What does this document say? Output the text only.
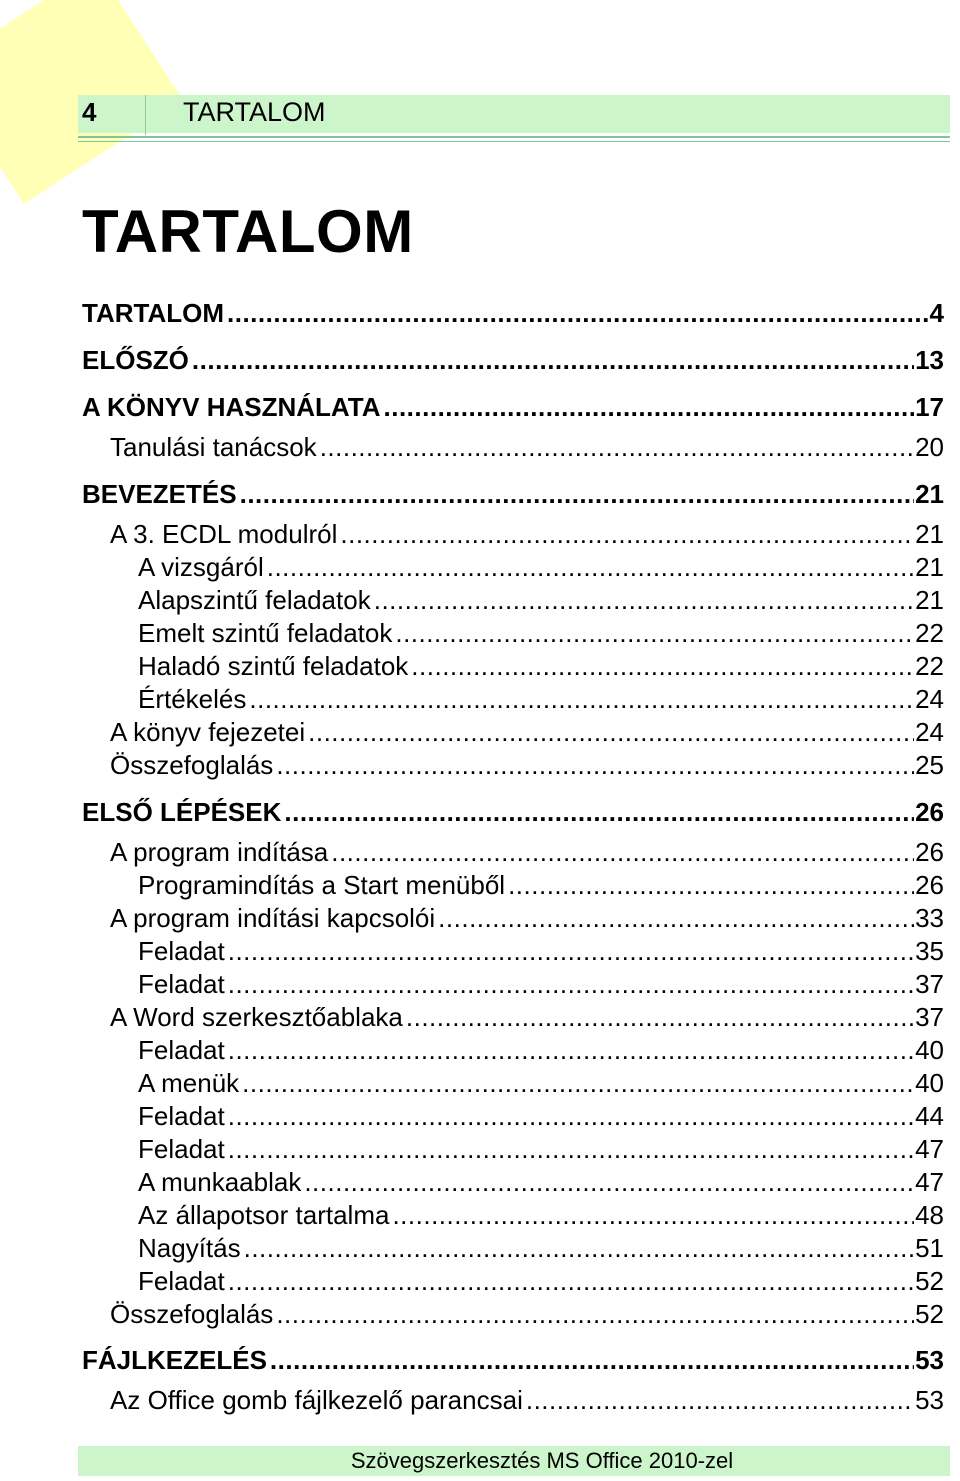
4	TARTALOM
TARTALOM
TARTALOM .....	4
ELŐSZÓ .....	13
A KÖNYV HASZNÁLATA .....	17
Tanulási tanácsok .....	20
BEVEZETÉS .....	21
A 3. ECDL modulról .....	21
A vizsgáról .....	21
Alapszintű feladatok .....	21
Emelt szintű feladatok .....	22
Haladó szintű feladatok .....	22
Értékelés .....	24
A könyv fejezetei .....	24
Összefoglalás .....	25
ELSŐ LÉPÉSEK .....	26
A program indítása .....	26
Programindítás a Start menüből .....	26
A program indítási kapcsolói .....	33
Feladat .....	35
Feladat .....	37
A Word szerkesztőablaka .....	37
Feladat .....	40
A menük .....	40
Feladat .....	44
Feladat .....	47
A munkaablak .....	47
Az állapotsor tartalma .....	48
Nagyítás .....	51
Feladat .....	52
Összefoglalás .....	52
FÁJLKEZELÉS .....	53
Az Office gomb fájlkezelő parancsai .....	53
Szövegszerkesztés MS Office 2010-zel
